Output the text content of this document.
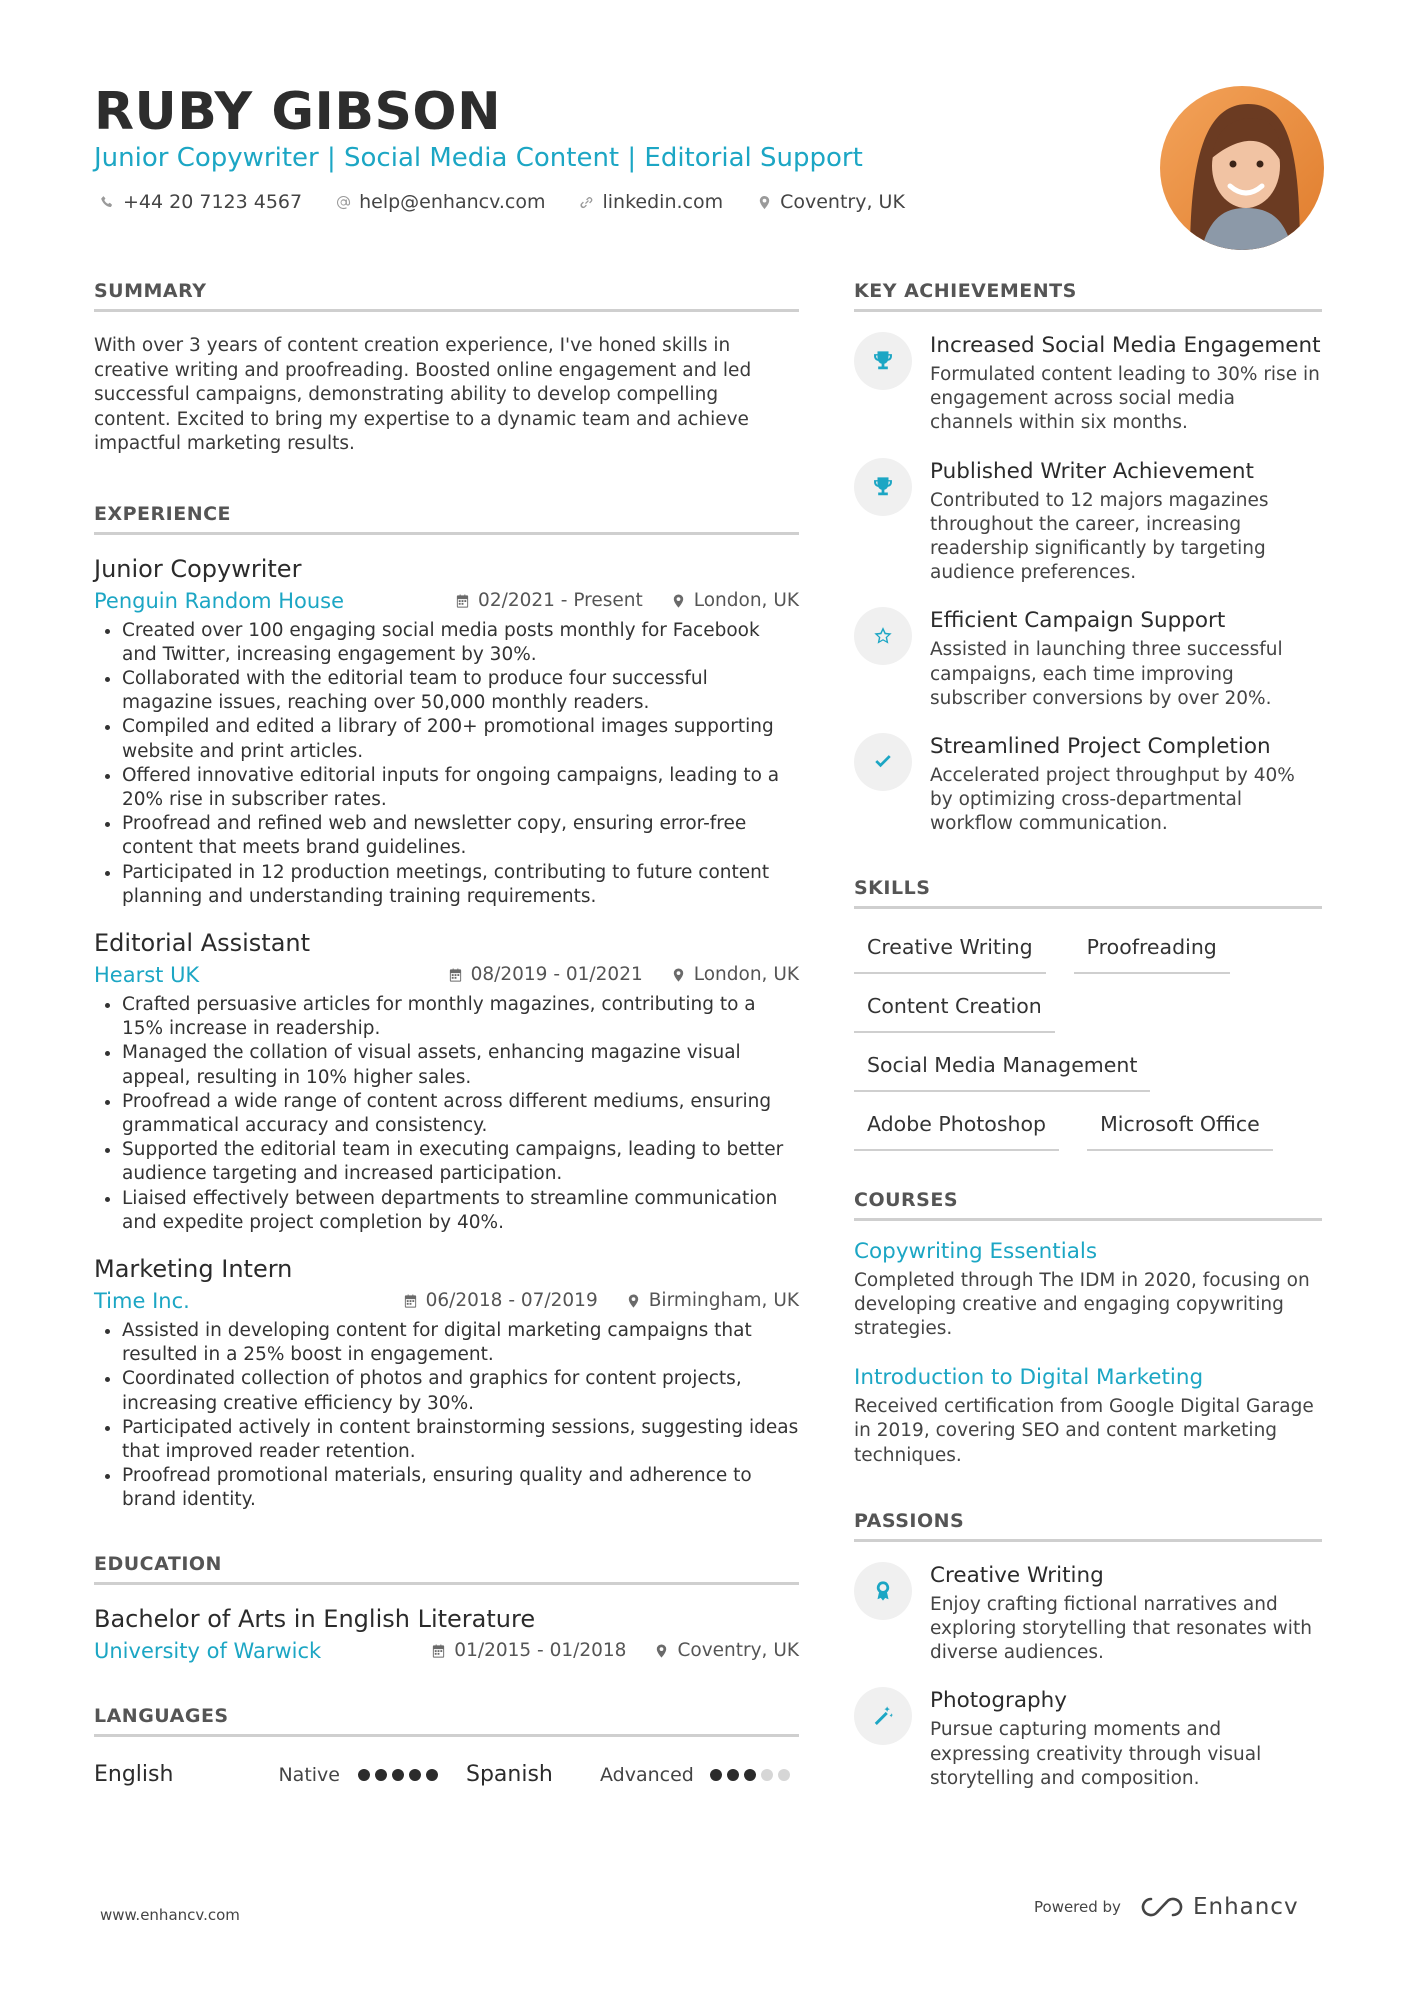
RUBY GIBSON
Junior Copywriter | Social Media Content | Editorial Support
+44 20 7123 4567	help@enhancv.com	linkedin.com	Coventry, UK
SUMMARY
With over 3 years of content creation experience, I've honed skills in creative writing and proofreading. Boosted online engagement and led successful campaigns, demonstrating ability to develop compelling content. Excited to bring my expertise to a dynamic team and achieve impactful marketing results.
EXPERIENCE
Junior Copywriter
Penguin Random House	02/2021 - Present	London, UK
• Created over 100 engaging social media posts monthly for Facebook and Twitter, increasing engagement by 30%.
• Collaborated with the editorial team to produce four successful magazine issues, reaching over 50,000 monthly readers.
• Compiled and edited a library of 200+ promotional images supporting website and print articles.
• Offered innovative editorial inputs for ongoing campaigns, leading to a 20% rise in subscriber rates.
• Proofread and refined web and newsletter copy, ensuring error-free content that meets brand guidelines.
• Participated in 12 production meetings, contributing to future content planning and understanding training requirements.
Editorial Assistant
Hearst UK	08/2019 - 01/2021	London, UK
• Crafted persuasive articles for monthly magazines, contributing to a 15% increase in readership.
• Managed the collation of visual assets, enhancing magazine visual appeal, resulting in 10% higher sales.
• Proofread a wide range of content across different mediums, ensuring grammatical accuracy and consistency.
• Supported the editorial team in executing campaigns, leading to better audience targeting and increased participation.
• Liaised effectively between departments to streamline communication and expedite project completion by 40%.
Marketing Intern
Time Inc.	06/2018 - 07/2019	Birmingham, UK
• Assisted in developing content for digital marketing campaigns that resulted in a 25% boost in engagement.
• Coordinated collection of photos and graphics for content projects, increasing creative efficiency by 30%.
• Participated actively in content brainstorming sessions, suggesting ideas that improved reader retention.
• Proofread promotional materials, ensuring quality and adherence to brand identity.
EDUCATION
Bachelor of Arts in English Literature
University of Warwick	01/2015 - 01/2018	Coventry, UK
LANGUAGES
English	Native	Spanish	Advanced
KEY ACHIEVEMENTS
Increased Social Media Engagement
Formulated content leading to 30% rise in engagement across social media channels within six months.
Published Writer Achievement
Contributed to 12 majors magazines throughout the career, increasing readership significantly by targeting audience preferences.
Efficient Campaign Support
Assisted in launching three successful campaigns, each time improving subscriber conversions by over 20%.
Streamlined Project Completion
Accelerated project throughput by 40% by optimizing cross-departmental workflow communication.
SKILLS
Creative Writing	Proofreading
Content Creation
Social Media Management
Adobe Photoshop	Microsoft Office
COURSES
Copywriting Essentials
Completed through The IDM in 2020, focusing on developing creative and engaging copywriting strategies.
Introduction to Digital Marketing
Received certification from Google Digital Garage in 2019, covering SEO and content marketing techniques.
PASSIONS
Creative Writing
Enjoy crafting fictional narratives and exploring storytelling that resonates with diverse audiences.
Photography
Pursue capturing moments and expressing creativity through visual storytelling and composition.
www.enhancv.com	Powered by	Enhancv
